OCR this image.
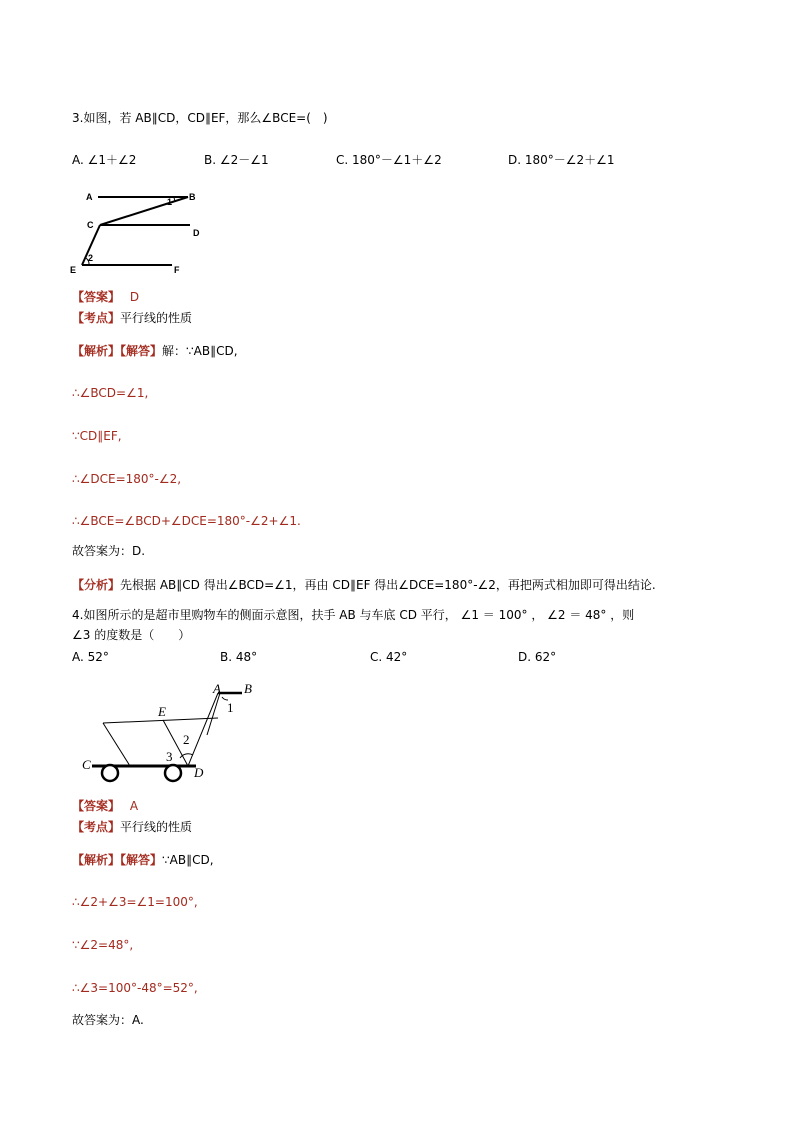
3.如图，若 AB∥CD，CD∥EF，那么∠BCE=(　)
A. ∠1＋∠2	B. ∠2－∠1	C. 180°－∠1＋∠2	D. 180°－∠2＋∠1
A	B
C
D
E	F
1
2
【答案】 D
【考点】平行线的性质
【解析】【解答】解：∵AB∥CD,
∴∠BCD=∠1,
∵CD∥EF,
∴∠DCE=180°-∠2,
∴∠BCE=∠BCD+∠DCE=180°-∠2+∠1.
故答案为：D.
【分析】先根据 AB∥CD 得出∠BCD=∠1，再由 CD∥EF 得出∠DCE=180°-∠2，再把两式相加即可得出结论.
4.如图所示的是超市里购物车的侧面示意图，扶手 AB 与车底 CD 平行， ∠1 ＝ 100° ， ∠2 ＝ 48° ，则
∠3 的度数是（　　）
A. 52°	B. 48°	C. 42°	D. 62°
A B
E
C
D
1
2
3
【答案】 A
【考点】平行线的性质
【解析】【解答】∵AB∥CD,
∴∠2+∠3=∠1=100°,
∵∠2=48°,
∴∠3=100°-48°=52°,
故答案为：A.
